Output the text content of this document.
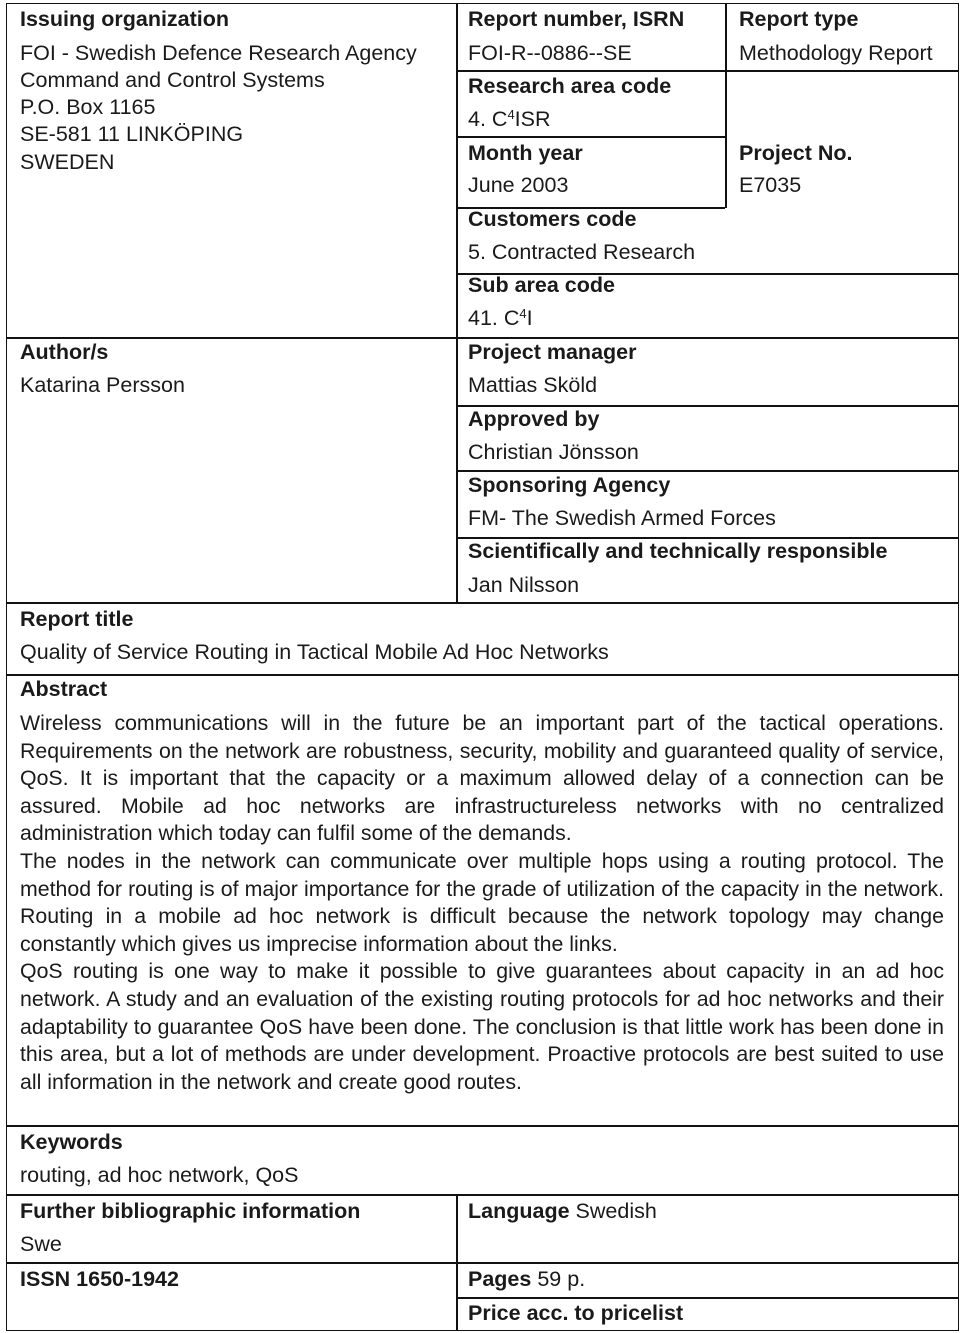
Issuing organization
FOI - Swedish Defence Research Agency
Command and Control Systems
P.O. Box 1165
SE-581 11 LINKÖPING
SWEDEN
Report number, ISRN
FOI-R--0886--SE
Report type
Methodology Report
Research area code
4. $C^4ISR$
Month year
June 2003
Project No.
E7035
Customers code
5. Contracted Research
Sub area code
41. $C^4I$
Author/s
Katarina Persson
Project manager
Mattias Sköld
Approved by
Christian Jönsson
Sponsoring Agency
FM- The Swedish Armed Forces
Scientifically and technically responsible
Jan Nilsson
Report title
Quality of Service Routing in Tactical Mobile Ad Hoc Networks
Abstract

Wireless communications will in the future be an important part of the tactical operations. Requirements on the network are robustness, security, mobility and guaranteed quality of service, QoS. It is important that the capacity or a maximum allowed delay of a connection can be assured. Mobile ad hoc networks are infrastructureless networks with no centralized administration which today can fulfil some of the demands.

The nodes in the network can communicate over multiple hops using a routing protocol. The method for routing is of major importance for the grade of utilization of the capacity in the network. Routing in a mobile ad hoc network is difficult because the network topology may change constantly which gives us imprecise information about the links.

QoS routing is one way to make it possible to give guarantees about capacity in an ad hoc network. A study and an evaluation of the existing routing protocols for ad hoc networks and their adaptability to guarantee QoS have been done. The conclusion is that little work has been done in this area, but a lot of methods are under development. Proactive protocols are best suited to use all information in the network and create good routes.

Keywords
routing, ad hoc network, QoS
Further bibliographic information
Swe
Language Swedish
ISSN 1650-1942	Pages 59 p.
Price acc. to pricelist
